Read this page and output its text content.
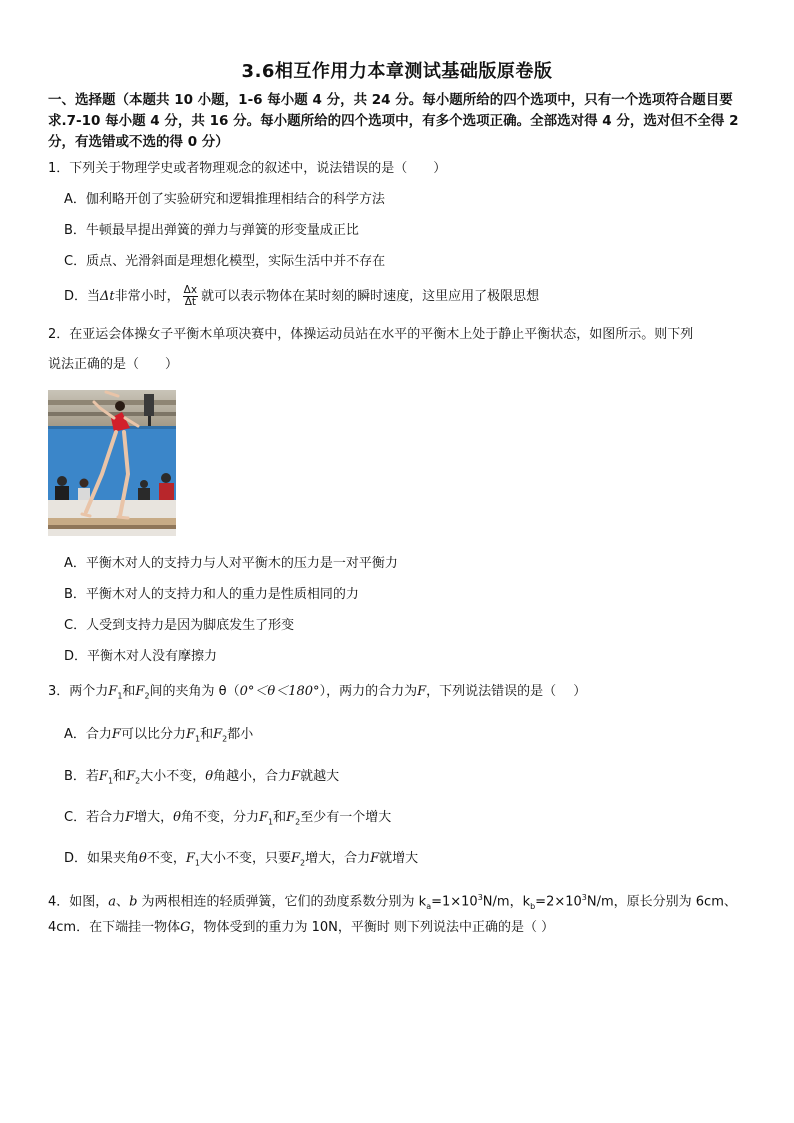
3.6相互作用力本章测试基础版原卷版
一、选择题（本题共 10 小题，1-6 每小题 4 分，共 24 分。每小题所给的四个选项中，只有一个选项符合题目要求.7-10 每小题 4 分，共 16 分。每小题所给的四个选项中，有多个选项正确。全部选对得 4 分，选对但不全得 2 分，有选错或不选的得 0 分）
1．下列关于物理学史或者物理观念的叙述中，说法错误的是（　　）
A．伽利略开创了实验研究和逻辑推理相结合的科学方法
B．牛顿最早提出弹簧的弹力与弹簧的形变量成正比
C．质点、光滑斜面是理想化模型，实际生活中并不存在
D．当Δt非常小时， $\frac{\Delta x}{\Delta t}$ 就可以表示物体在某时刻的瞬时速度，这里应用了极限思想
2．在亚运会体操女子平衡木单项决赛中，体操运动员站在水平的平衡木上处于静止平衡状态，如图所示。则下列
说法正确的是（　　）
A．平衡木对人的支持力与人对平衡木的压力是一对平衡力
B．平衡木对人的支持力和人的重力是性质相同的力
C．人受到支持力是因为脚底发生了形变
D．平衡木对人没有摩擦力
3．两个力$F_1$和$F_2$间的夹角为 θ（0°＜θ＜180°），两力的合力为F，下列说法错误的是（　 ）
A．合力F可以比分力$F_1$和$F_2$都小
B．若$F_1$和$F_2$大小不变，θ角越小，合力F就越大
C．若合力F增大，θ角不变，分力$F_1$和$F_2$至少有一个增大
D．如果夹角θ不变，$F_1$大小不变，只要$F_2$增大，合力F就增大
4．如图，a、b 为两根相连的轻质弹簧，它们的劲度系数分别为 $k_a=1\times 10^3N/m$，$k_b=2\times 10^3N/m$，原长分别为 6cm、
4cm．在下端挂一物体G，物体受到的重力为 10N，平衡时 则下列说法中正确的是（ ）
